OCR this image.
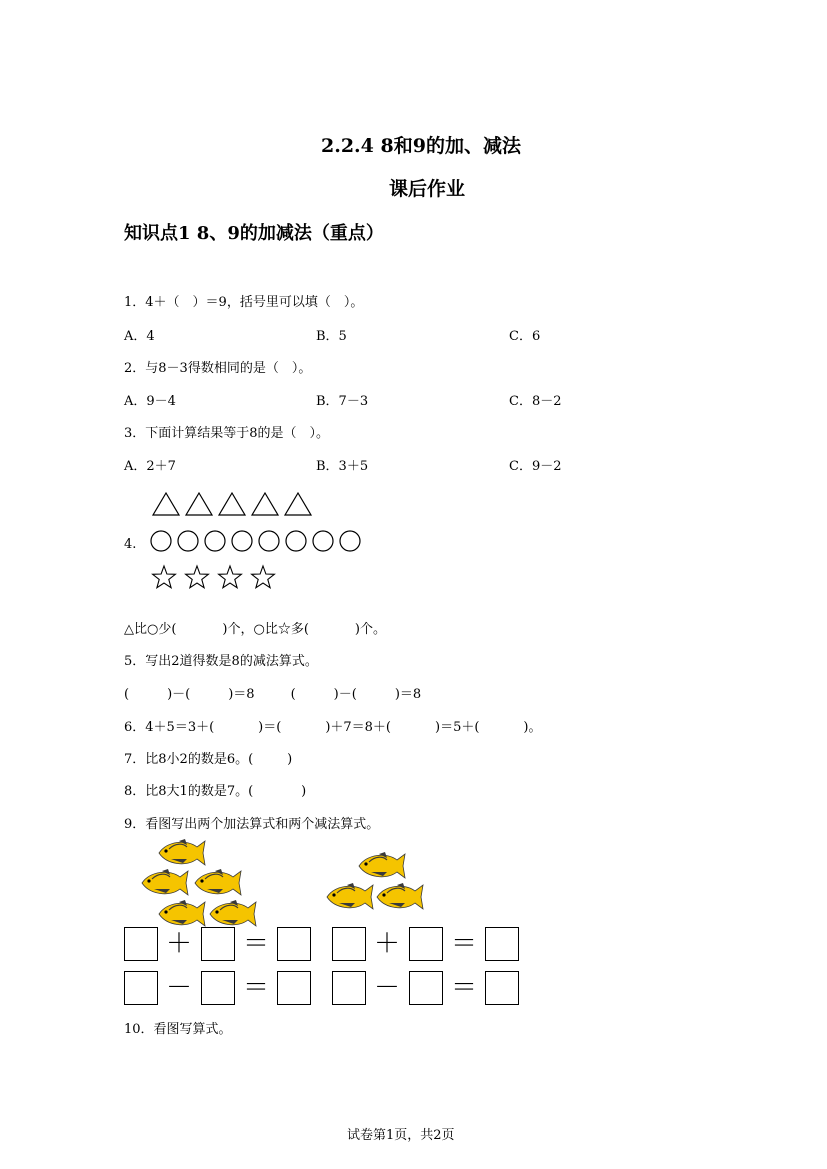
2.2.4 8和9的加、减法
课后作业
知识点1 8、9的加减法（重点）
1．4＋（　）＝9，括号里可以填（　）。
A．4	B．5	C．6
2．与8－3得数相同的是（　）。
A．9－4	B．7－3	C．8－2
3．下面计算结果等于8的是（　）。
A．2＋7	B．3＋5	C．9－2
4.
△比○少(	)个，○比☆多(	)个。
5．写出2道得数是8的减法算式。
(	)－(	)＝8	(	)－(	)＝8
6．4＋5＝3＋(	)＝(	)＋7＝8＋(	)＝5＋(	)。
7．比8小2的数是6。(	)
8．比8大1的数是7。(	)
9．看图写出两个加法算式和两个减法算式。
＋ ＝	＋ ＝
－ ＝	－ ＝
10．看图写算式。
试卷第1页，共2页
